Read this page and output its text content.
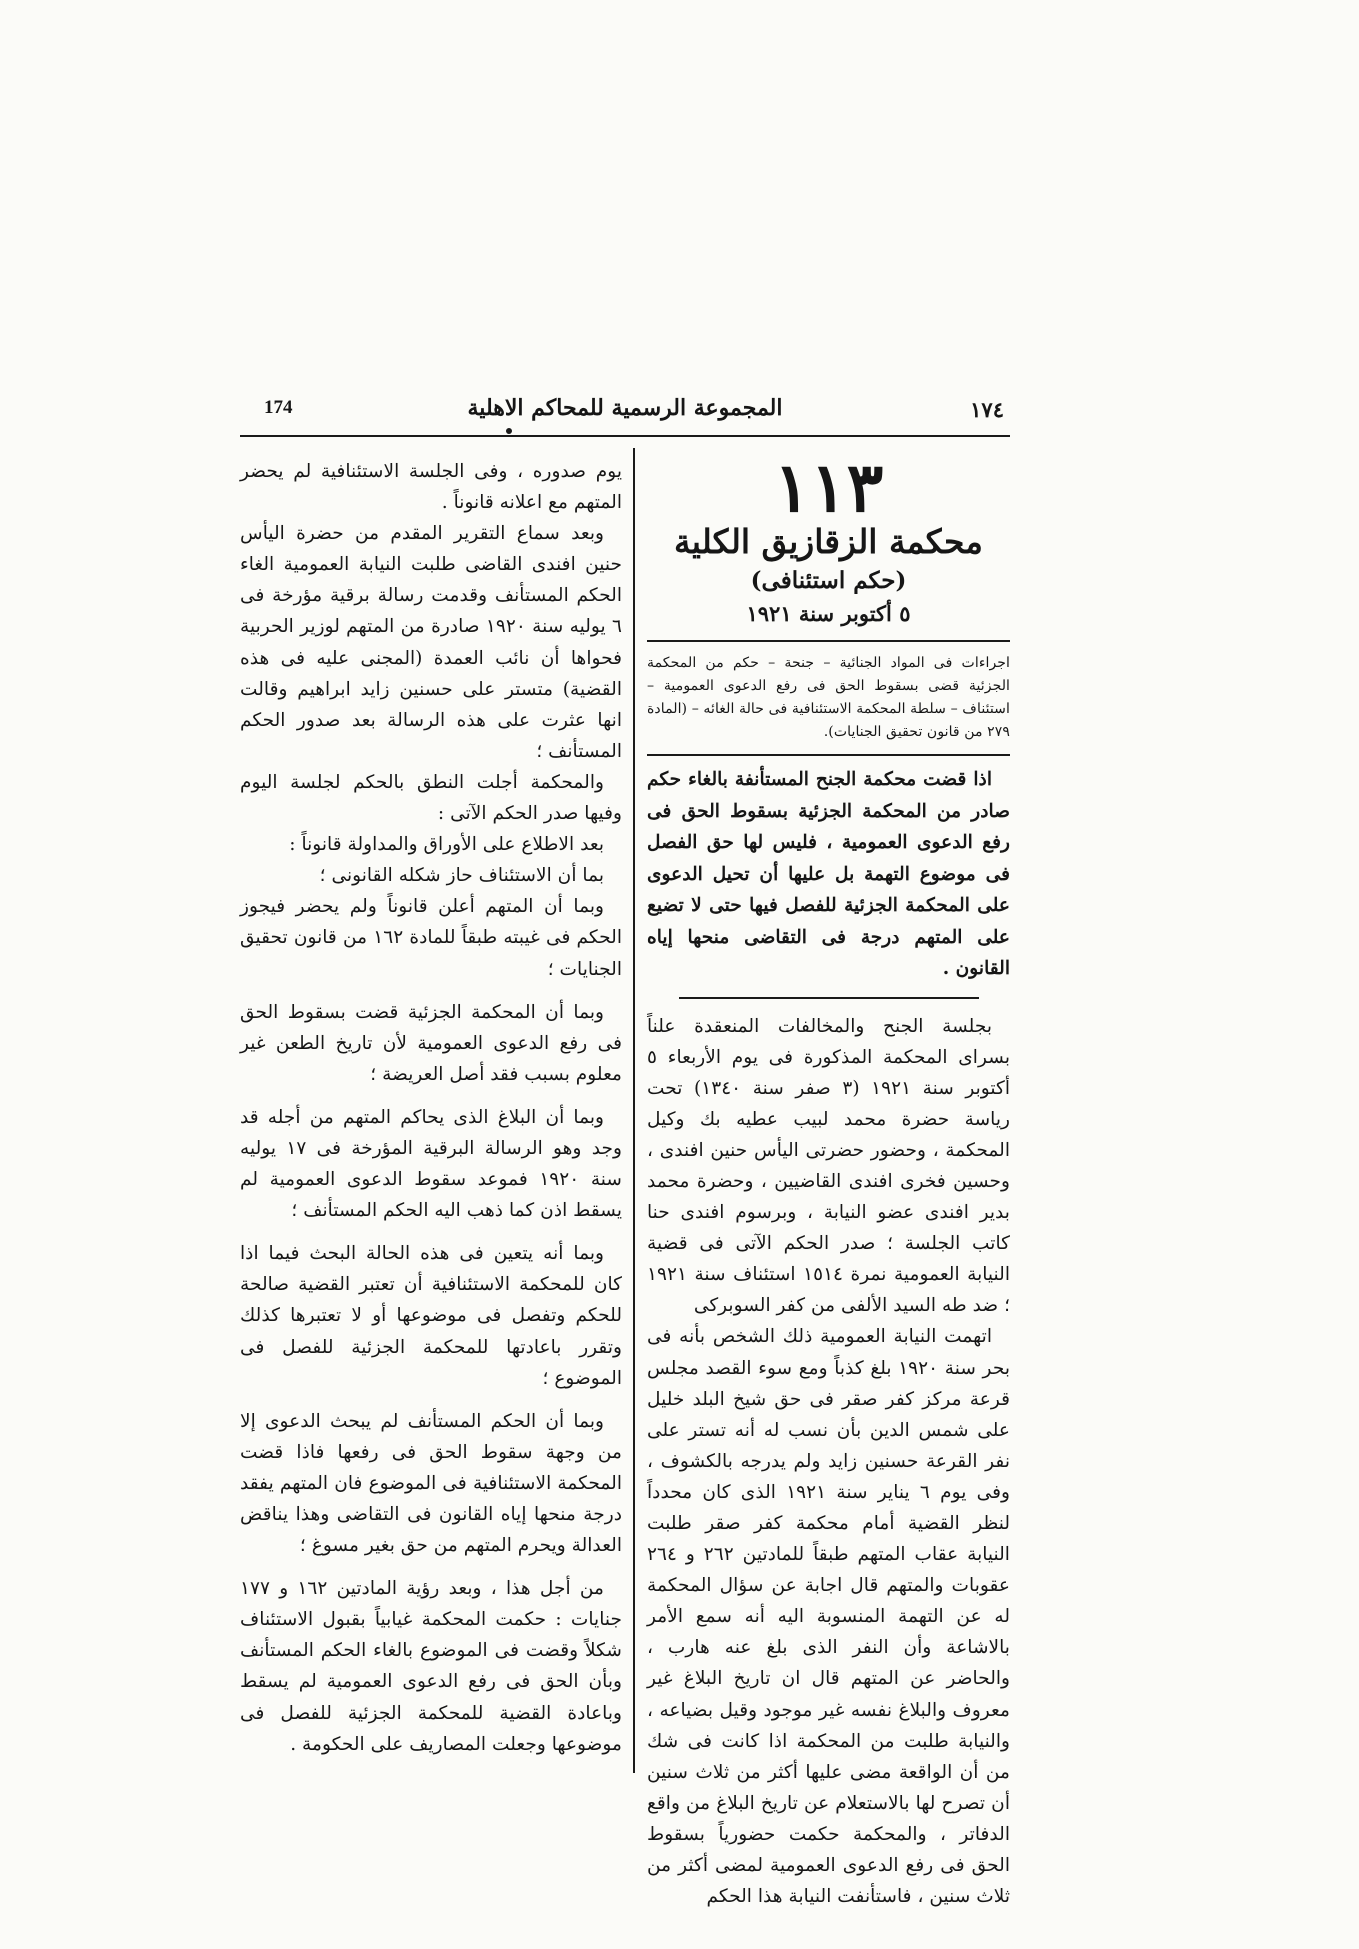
١٧٤
المجموعة الرسمية للمحاكم الاهلية
174

١١٣

محكمة الزقازيق الكلية

(حكم استئنافى)

٥ أكتوبر سنة ١٩٢١

اجراءات فى المواد الجنائية – جنحة – حكم من المحكمة الجزئية قضى بسقوط الحق فى رفع الدعوى العمومية – استئناف – سلطة المحكمة الاستئنافية فى حالة الغائه – (المادة ٢٧٩ من قانون تحقيق الجنايات).

اذا قضت محكمة الجنح المستأنفة بالغاء حكم صادر من المحكمة الجزئية بسقوط الحق فى رفع الدعوى العمومية ، فليس لها حق الفصل فى موضوع التهمة بل عليها أن تحيل الدعوى على المحكمة الجزئية للفصل فيها حتى لا تضيع على المتهم درجة فى التقاضى منحها إياه القانون .

بجلسة الجنح والمخالفات المنعقدة علناً بسراى المحكمة المذكورة فى يوم الأربعاء ٥ أكتوبر سنة ١٩٢١ (٣ صفر سنة ١٣٤٠) تحت رياسة حضرة محمد لبيب عطيه بك وكيل المحكمة ، وحضور حضرتى اليأس حنين افندى ، وحسين فخرى افندى القاضيين ، وحضرة محمد بدير افندى عضو النيابة ، وبرسوم افندى حنا كاتب الجلسة ؛ صدر الحكم الآتى فى قضية النيابة العمومية نمرة ١٥١٤ استئناف سنة ١٩٢١ ؛ ضد طه السيد الألفى من كفر السوبركى

اتهمت النيابة العمومية ذلك الشخص بأنه فى بحر سنة ١٩٢٠ بلغ كذباً ومع سوء القصد مجلس قرعة مركز كفر صقر فى حق شيخ البلد خليل على شمس الدين بأن نسب له أنه تستر على نفر القرعة حسنين زايد ولم يدرجه بالكشوف ، وفى يوم ٦ يناير سنة ١٩٢١ الذى كان محدداً لنظر القضية أمام محكمة كفر صقر طلبت النيابة عقاب المتهم طبقاً للمادتين ٢٦٢ و ٢٦٤ عقوبات والمتهم قال اجابة عن سؤال المحكمة له عن التهمة المنسوبة اليه أنه سمع الأمر بالاشاعة وأن النفر الذى بلغ عنه هارب ، والحاضر عن المتهم قال ان تاريخ البلاغ غير معروف والبلاغ نفسه غير موجود وقيل بضياعه ، والنيابة طلبت من المحكمة اذا كانت فى شك من أن الواقعة مضى عليها أكثر من ثلاث سنين أن تصرح لها بالاستعلام عن تاريخ البلاغ من واقع الدفاتر ، والمحكمة حكمت حضورياً بسقوط الحق فى رفع الدعوى العمومية لمضى أكثر من ثلاث سنين ، فاستأنفت النيابة هذا الحكم

يوم صدوره ، وفى الجلسة الاستئنافية لم يحضر المتهم مع اعلانه قانوناً .

وبعد سماع التقرير المقدم من حضرة اليأس حنين افندى القاضى طلبت النيابة العمومية الغاء الحكم المستأنف وقدمت رسالة برقية مؤرخة فى ٦ يوليه سنة ١٩٢٠ صادرة من المتهم لوزير الحربية فحواها أن نائب العمدة (المجنى عليه فى هذه القضية) متستر على حسنين زايد ابراهيم وقالت انها عثرت على هذه الرسالة بعد صدور الحكم المستأنف ؛

والمحكمة أجلت النطق بالحكم لجلسة اليوم وفيها صدر الحكم الآتى :

بعد الاطلاع على الأوراق والمداولة قانوناً :

بما أن الاستئناف حاز شكله القانونى ؛

وبما أن المتهم أعلن قانوناً ولم يحضر فيجوز الحكم فى غيبته طبقاً للمادة ١٦٢ من قانون تحقيق الجنايات ؛

وبما أن المحكمة الجزئية قضت بسقوط الحق فى رفع الدعوى العمومية لأن تاريخ الطعن غير معلوم بسبب فقد أصل العريضة ؛

وبما أن البلاغ الذى يحاكم المتهم من أجله قد وجد وهو الرسالة البرقية المؤرخة فى ١٧ يوليه سنة ١٩٢٠ فموعد سقوط الدعوى العمومية لم يسقط اذن كما ذهب اليه الحكم المستأنف ؛

وبما أنه يتعين فى هذه الحالة البحث فيما اذا كان للمحكمة الاستئنافية أن تعتبر القضية صالحة للحكم وتفصل فى موضوعها أو لا تعتبرها كذلك وتقرر باعادتها للمحكمة الجزئية للفصل فى الموضوع ؛

وبما أن الحكم المستأنف لم يبحث الدعوى إلا من وجهة سقوط الحق فى رفعها فاذا قضت المحكمة الاستئنافية فى الموضوع فان المتهم يفقد درجة منحها إياه القانون فى التقاضى وهذا يناقض العدالة ويحرم المتهم من حق بغير مسوغ ؛

من أجل هذا ، وبعد رؤية المادتين ١٦٢ و ١٧٧ جنايات : حكمت المحكمة غيابياً بقبول الاستئناف شكلاً وقضت فى الموضوع بالغاء الحكم المستأنف وبأن الحق فى رفع الدعوى العمومية لم يسقط وباعادة القضية للمحكمة الجزئية للفصل فى موضوعها وجعلت المصاريف على الحكومة .
